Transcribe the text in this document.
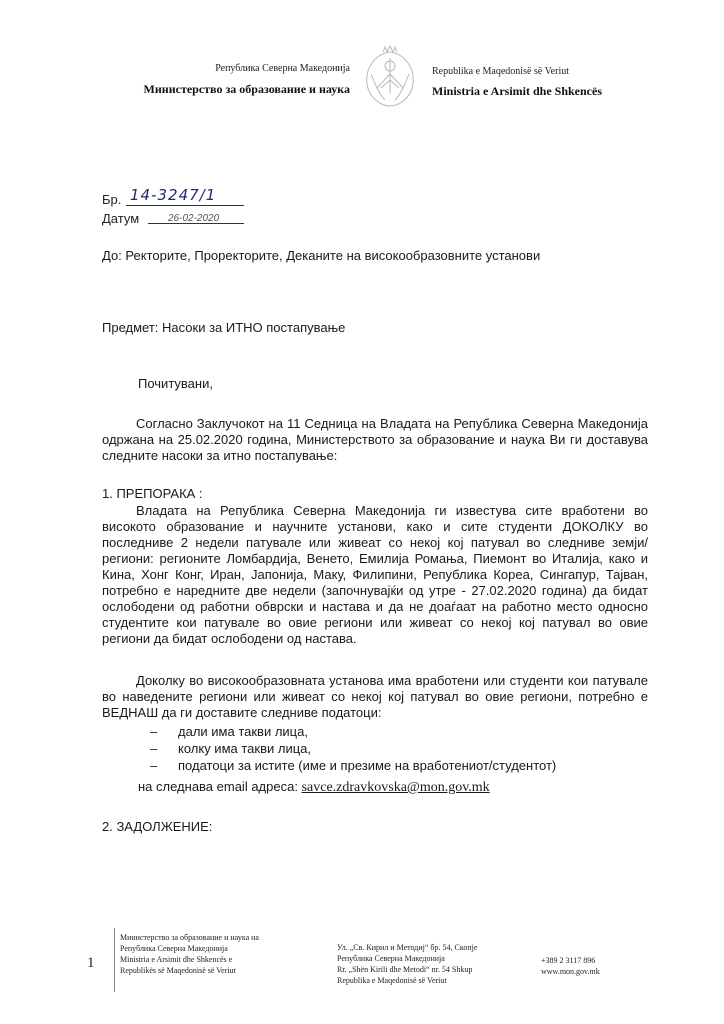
Република Северна Македонија
Министерство за образование и наука
Republika e Maqedonisë së Veriut
Ministria e Arsimit dhe Shkencës
Бр. 14-3247/1
Датум	26-02-2020
До: Ректорите, Проректорите, Деканите на високообразовните установи
Предмет: Насоки за ИТНО постапување
Почитувани,
Согласно Заклучокот на 11 Седница на Владата на Република Северна Македонија одржана на 25.02.2020 година, Министерството за образование и наука Ви ги доставува следните насоки за итно постапување:
1. ПРЕПОРАКА :
Владата на Република Северна Македонија ги известува сите вработени во високото образование и научните установи, како и сите студенти ДОКОЛКУ во последниве 2 недели патувале или живеат со некој кој патувал во следниве земји/региони: регионите Ломбардија, Венето, Емилија Ромања, Пиемонт во Италија, како и Кина, Хонг Конг, Иран, Јапонија, Маку, Филипини, Република Кореа, Сингапур, Тајван, потребно е наредните две недели (започнувајќи од утре - 27.02.2020 година) да бидат ослободени од работни обврски и настава и да не доаѓаат на работно место односно студентите кои патувале во овие региони или живеат со некој кој патувал во овие региони да бидат ослободени од настава.
Доколку во високообразовната установа има вработени или студенти кои патувале во наведените региони или живеат со некој кој патувал во овие региони, потребно е ВЕДНАШ да ги доставите следниве податоци:
– дали има такви лица,
– колку има такви лица,
– податоци за истите (име и презиме на вработениот/студентот)
на следнава email адреса: savce.zdravkovska@mon.gov.mk
2. ЗАДОЛЖЕНИЕ:
1
Министерство за образование и наука на
Република Северна Македонија
Ministria e Arsimit dhe Shkencës e
Republikës së Maqedonisë së Veriut
Ул. „Св. Кирил и Методиј“ бр. 54, Скопје
Република Северна Македонија
Rr. „Shën Kirili dhe Metodi“ nr. 54 Shkup
Republika e Maqedonisë së Veriut
+389 2 3117 896
www.mon.gov.mk
